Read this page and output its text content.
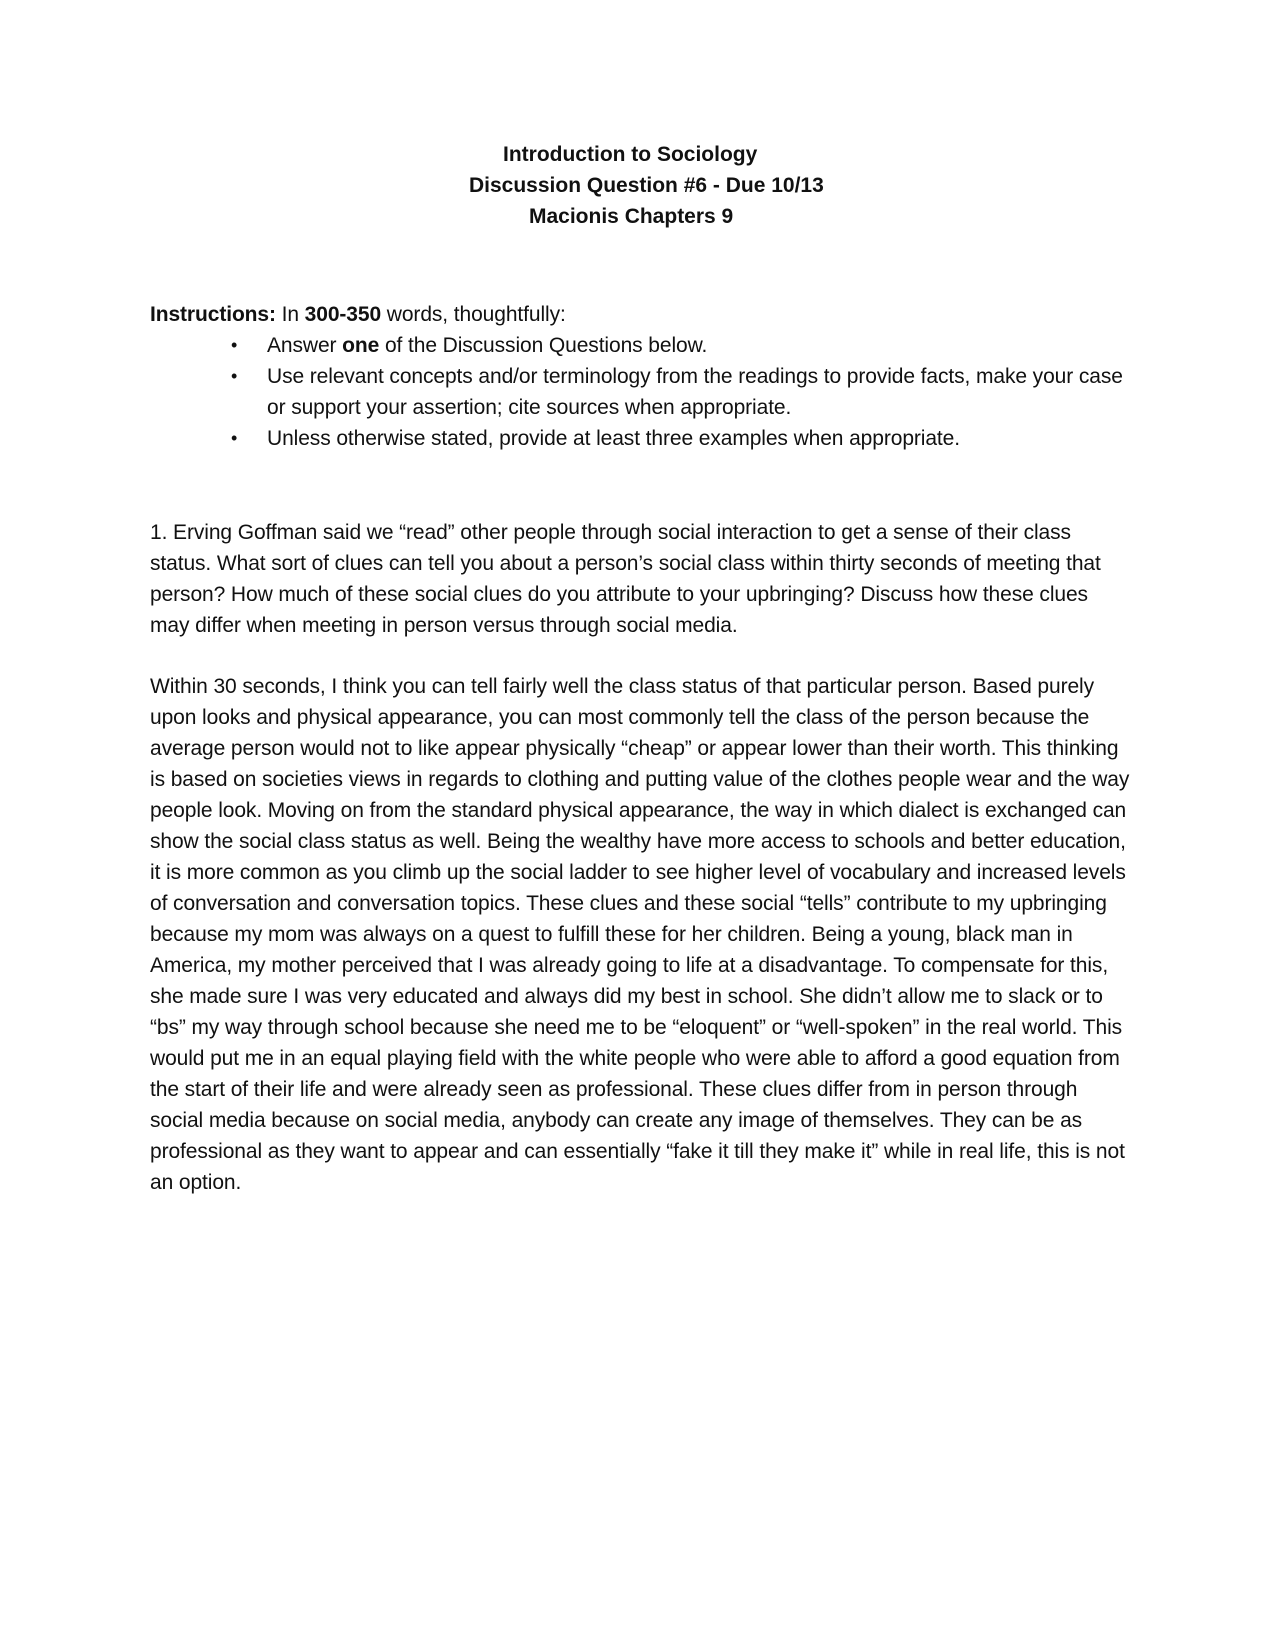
Introduction to Sociology
Discussion Question #6 - Due 10/13
Macionis Chapters 9
Instructions: In 300-350 words, thoughtfully:
• Answer one of the Discussion Questions below.
• Use relevant concepts and/or terminology from the readings to provide facts, make your case or support your assertion; cite sources when appropriate.
• Unless otherwise stated, provide at least three examples when appropriate.

1. Erving Goffman said we “read” other people through social interaction to get a sense of their class status. What sort of clues can tell you about a person’s social class within thirty seconds of meeting that person? How much of these social clues do you attribute to your upbringing? Discuss how these clues may differ when meeting in person versus through social media.

Within 30 seconds, I think you can tell fairly well the class status of that particular person. Based purely upon looks and physical appearance, you can most commonly tell the class of the person because the average person would not to like appear physically “cheap” or appear lower than their worth. This thinking is based on societies views in regards to clothing and putting value of the clothes people wear and the way people look. Moving on from the standard physical appearance, the way in which dialect is exchanged can show the social class status as well. Being the wealthy have more access to schools and better education, it is more common as you climb up the social ladder to see higher level of vocabulary and increased levels of conversation and conversation topics. These clues and these social “tells” contribute to my upbringing because my mom was always on a quest to fulfill these for her children. Being a young, black man in America, my mother perceived that I was already going to life at a disadvantage. To compensate for this, she made sure I was very educated and always did my best in school. She didn’t allow me to slack or to “bs” my way through school because she need me to be “eloquent” or “well-spoken” in the real world. This would put me in an equal playing field with the white people who were able to afford a good equation from the start of their life and were already seen as professional. These clues differ from in person through social media because on social media, anybody can create any image of themselves. They can be as professional as they want to appear and can essentially “fake it till they make it” while in real life, this is not an option.
